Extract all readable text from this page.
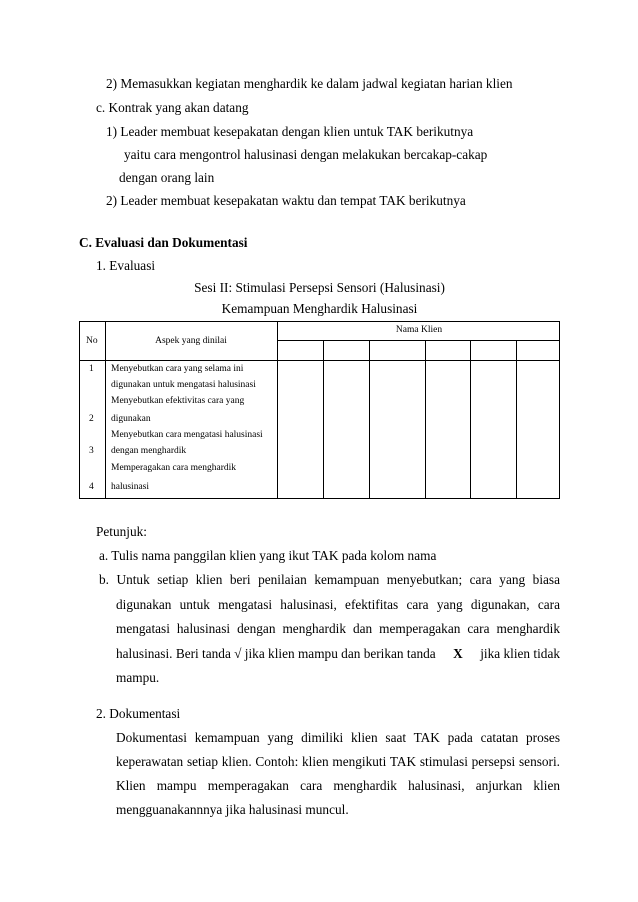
2) Memasukkan kegiatan menghardik ke dalam jadwal kegiatan harian klien
c. Kontrak yang akan datang
1) Leader membuat kesepakatan dengan klien untuk TAK berikutnya
yaitu cara mengontrol halusinasi dengan melakukan bercakap-cakap
dengan orang lain
2) Leader membuat kesepakatan waktu dan tempat TAK berikutnya
C. Evaluasi dan Dokumentasi
1. Evaluasi
Sesi II: Stimulasi Persepsi Sensori (Halusinasi)
Kemampuan Menghardik Halusinasi
No	Aspek yang dinilai
Nama Klien
1
2
3
4
Menyebutkan cara yang selama ini
digunakan untuk mengatasi halusinasi
Menyebutkan efektivitas cara yang
digunakan
Menyebutkan cara mengatasi halusinasi
dengan menghardik
Memperagakan cara menghardik
halusinasi
Petunjuk:
a. Tulis nama panggilan klien yang ikut TAK pada kolom nama
b. Untuk setiap klien beri penilaian kemampuan menyebutkan; cara yang biasa
digunakan untuk mengatasi halusinasi, efektifitas cara yang digunakan, cara
mengatasi halusinasi dengan menghardik dan memperagakan cara menghardik
halusinasi. Beri tanda √ jika klien mampu dan berikan tanda X jika klien tidak
mampu.
2. Dokumentasi
Dokumentasi kemampuan yang dimiliki klien saat TAK pada catatan proses
keperawatan setiap klien. Contoh: klien mengikuti TAK stimulasi persepsi sensori.
Klien mampu memperagakan cara menghardik halusinasi, anjurkan klien
mengguanakannnya jika halusinasi muncul.
